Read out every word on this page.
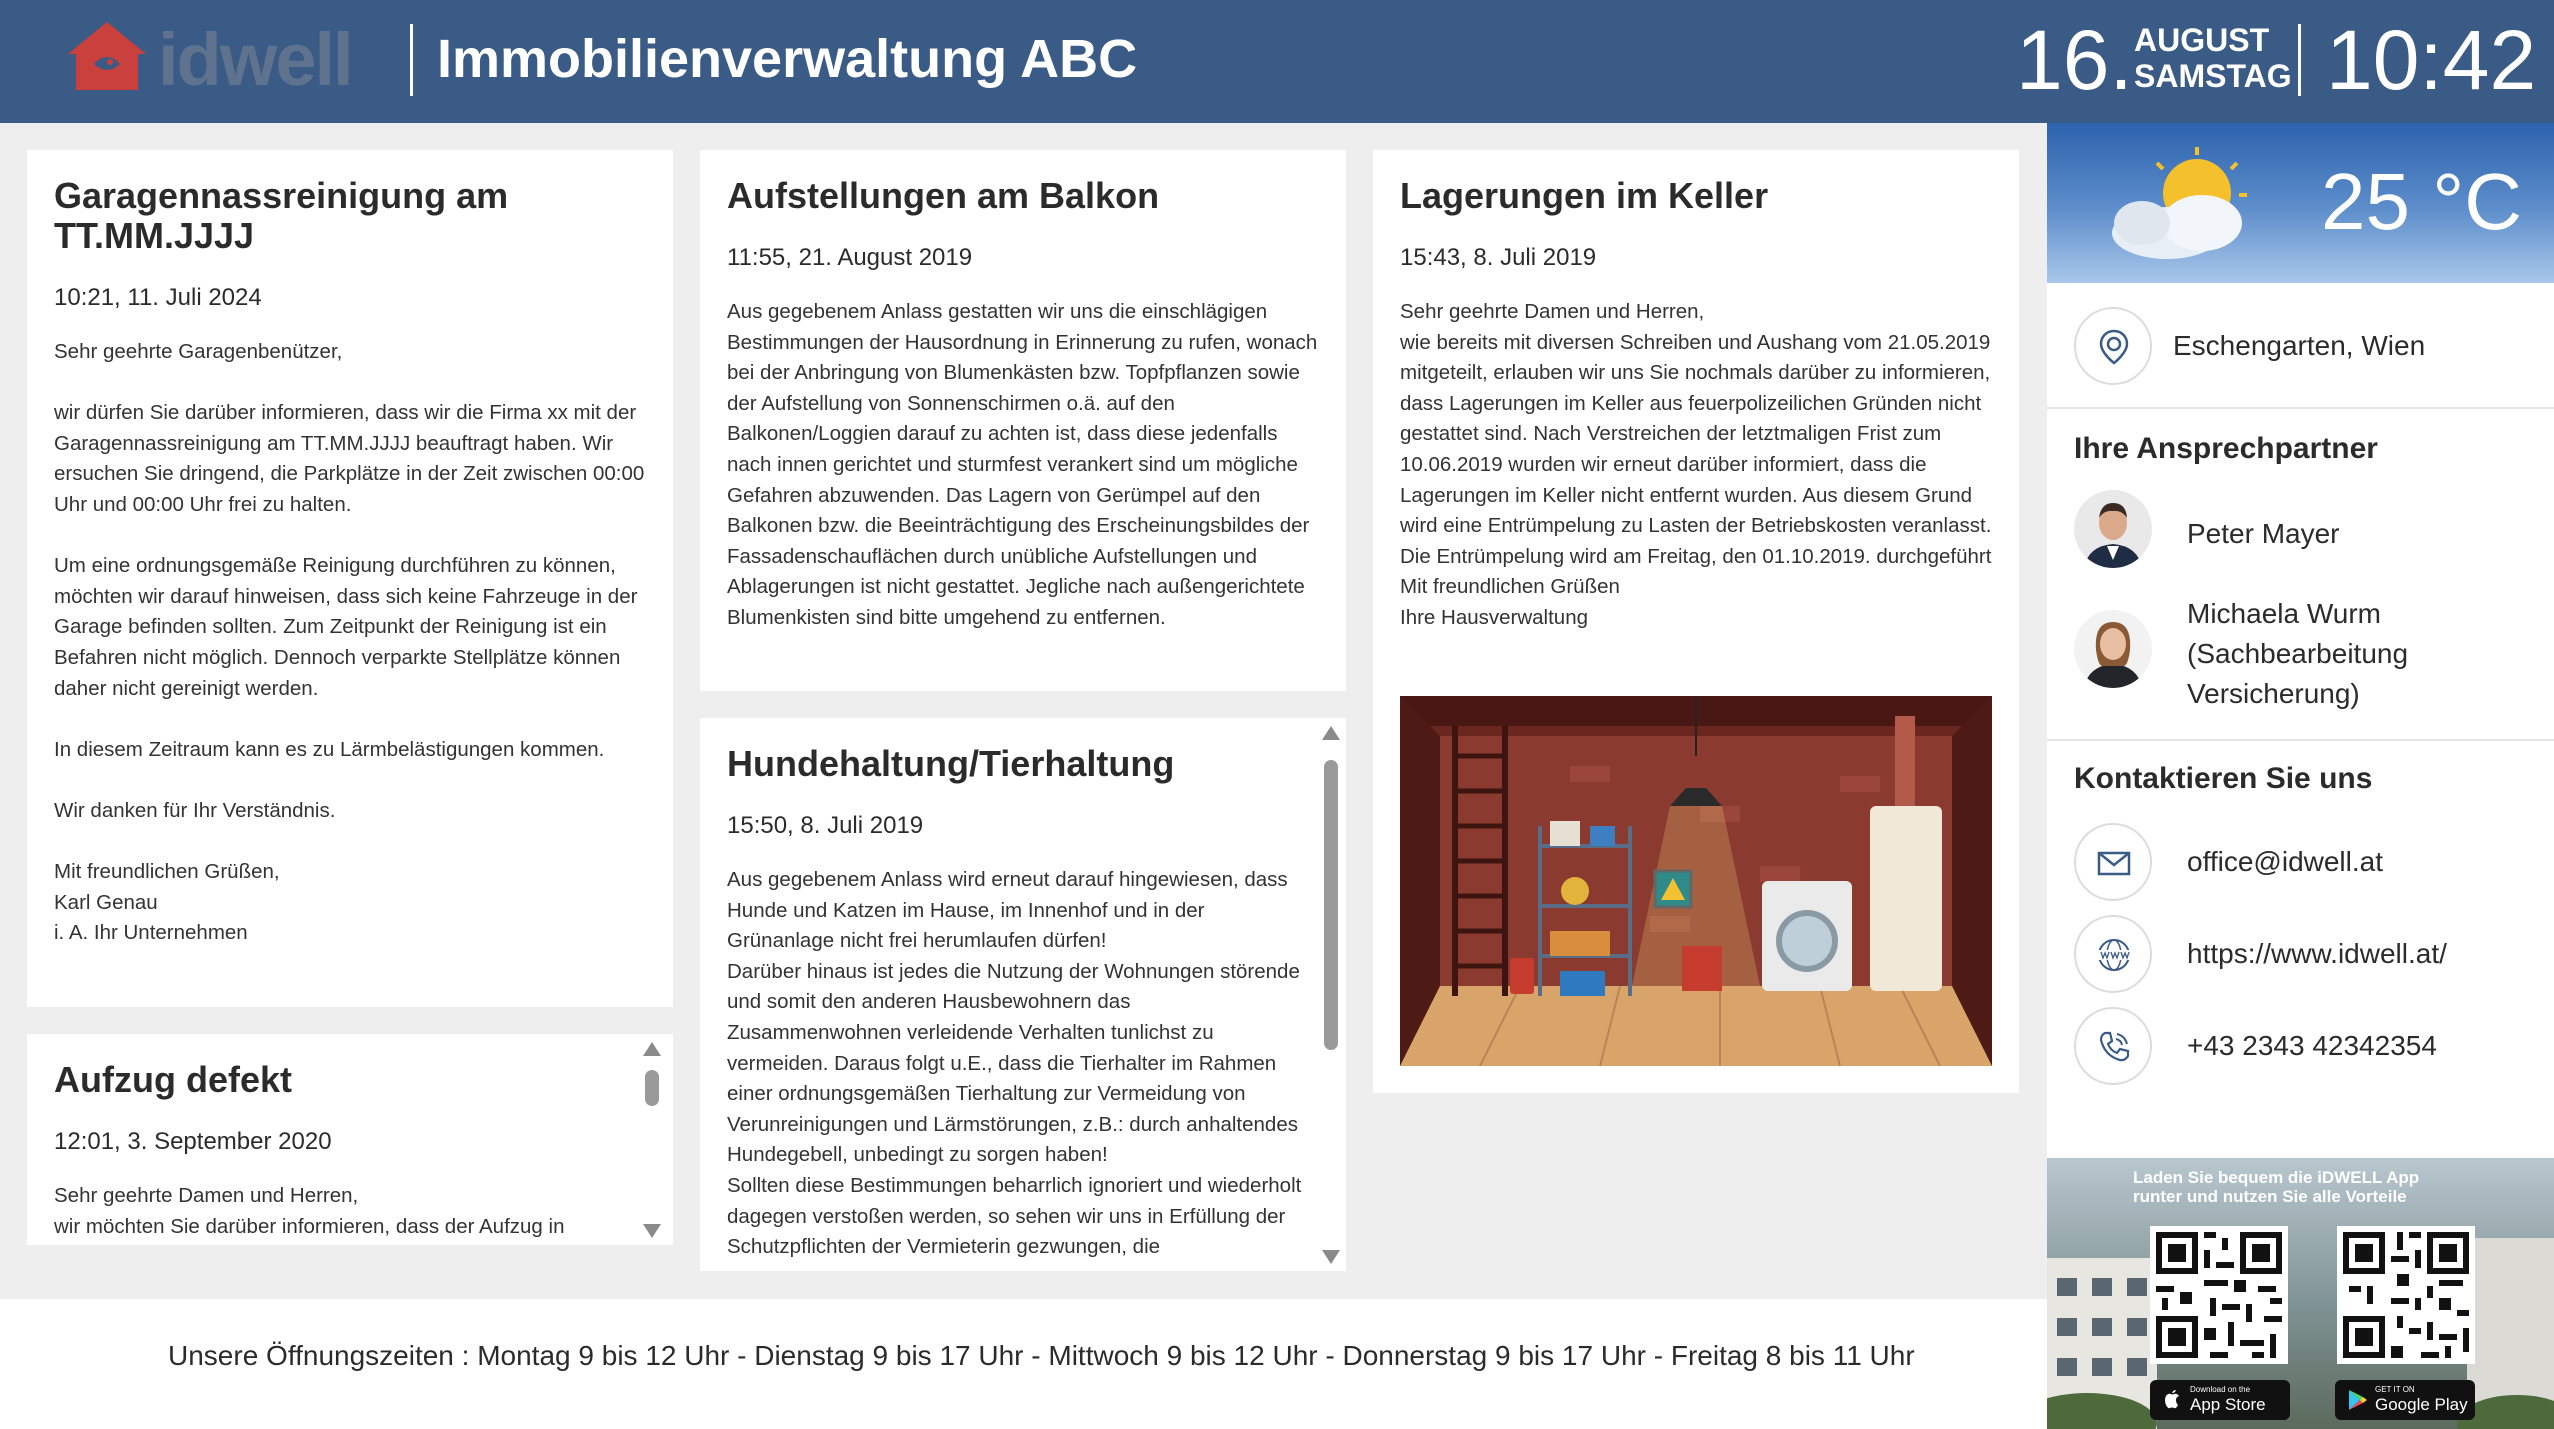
idwell Immobilienverwaltung ABC	16. AUGUST
SAMSTAG 10:42
Garagennassreinigung am TT.MM.JJJJ
10:21, 11. Juli 2024
Sehr geehrte Garagenbenützer,

wir dürfen Sie darüber informieren, dass wir die Firma xx mit der Garagennassreinigung am TT.MM.JJJJ beauftragt haben. Wir ersuchen Sie dringend, die Parkplätze in der Zeit zwischen 00:00 Uhr und 00:00 Uhr frei zu halten.

Um eine ordnungsgemäße Reinigung durchführen zu können, möchten wir darauf hinweisen, dass sich keine Fahrzeuge in der Garage befinden sollten. Zum Zeitpunkt der Reinigung ist ein Befahren nicht möglich. Dennoch verparkte Stellplätze können daher nicht gereinigt werden.

In diesem Zeitraum kann es zu Lärmbelästigungen kommen.

Wir danken für Ihr Verständnis.

Mit freundlichen Grüßen,
Karl Genau
i. A. Ihr Unternehmen
Aufzug defekt
12:01, 3. September 2020
Sehr geehrte Damen und Herren,
wir möchten Sie darüber informieren, dass der Aufzug in
Aufstellungen am Balkon
11:55, 21. August 2019
Aus gegebenem Anlass gestatten wir uns die einschlägigen Bestimmungen der Hausordnung in Erinnerung zu rufen, wonach bei der Anbringung von Blumenkästen bzw. Topfpflanzen sowie der Aufstellung von Sonnenschirmen o.ä. auf den Balkonen/Loggien darauf zu achten ist, dass diese jedenfalls nach innen gerichtet und sturmfest verankert sind um mögliche Gefahren abzuwenden. Das Lagern von Gerümpel auf den Balkonen bzw. die Beeinträchtigung des Erscheinungsbildes der Fassadenschauflächen durch unübliche Aufstellungen und Ablagerungen ist nicht gestattet. Jegliche nach außengerichtete Blumenkisten sind bitte umgehend zu entfernen.
Hundehaltung/Tierhaltung
15:50, 8. Juli 2019
Aus gegebenem Anlass wird erneut darauf hingewiesen, dass Hunde und Katzen im Hause, im Innenhof und in der Grünanlage nicht frei herumlaufen dürfen!
Darüber hinaus ist jedes die Nutzung der Wohnungen störende und somit den anderen Hausbewohnern das Zusammenwohnen verleidende Verhalten tunlichst zu vermeiden. Daraus folgt u.E., dass die Tierhalter im Rahmen einer ordnungsgemäßen Tierhaltung zur Vermeidung von Verunreinigungen und Lärmstörungen, z.B.: durch anhaltendes Hundegebell, unbedingt zu sorgen haben!
Sollten diese Bestimmungen beharrlich ignoriert und wiederholt dagegen verstoßen werden, so sehen wir uns in Erfüllung der Schutzpflichten der Vermieterin gezwungen, die
Lagerungen im Keller
15:43, 8. Juli 2019
Sehr geehrte Damen und Herren,
wie bereits mit diversen Schreiben und Aushang vom 21.05.2019 mitgeteilt, erlauben wir uns Sie nochmals darüber zu informieren, dass Lagerungen im Keller aus feuerpolizeilichen Gründen nicht gestattet sind. Nach Verstreichen der letztmaligen Frist zum 10.06.2019 wurden wir erneut darüber informiert, dass die Lagerungen im Keller nicht entfernt wurden. Aus diesem Grund wird eine Entrümpelung zu Lasten der Betriebskosten veranlasst. Die Entrümpelung wird am Freitag, den 01.10.2019. durchgeführt
Mit freundlichen Grüßen
Ihre Hausverwaltung
Unsere Öffnungszeiten : Montag 9 bis 12 Uhr - Dienstag 9 bis 17 Uhr - Mittwoch 9 bis 12 Uhr - Donnerstag 9 bis 17 Uhr - Freitag 8 bis 11 Uhr
25 °C
Eschengarten, Wien
Ihre Ansprechpartner
Peter Mayer
Michaela Wurm (Sachbearbeitung Versicherung)
Kontaktieren Sie uns
office@idwell.at
https://www.idwell.at/
+43 2343 42342354
Laden Sie bequem die iDWELL App runter und nutzen Sie alle Vorteile
Download on the
App Store
GET IT ON
Google Play
